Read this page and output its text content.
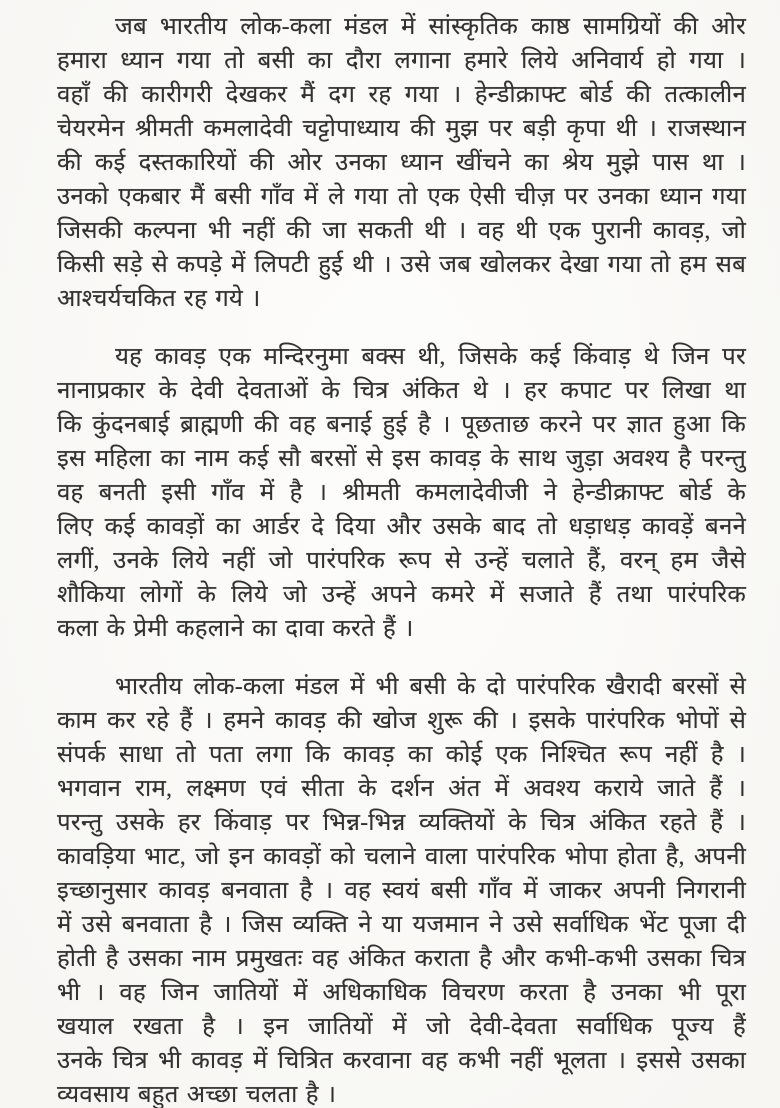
जब भारतीय लोक-कला मंडल में सांस्कृतिक काष्ठ सामग्रियों की ओर
हमारा ध्यान गया तो बसी का दौरा लगाना हमारे लिये अनिवार्य हो गया ।
वहाँ की कारीगरी देखकर मैं दग रह गया । हेन्डीक्राफ्ट बोर्ड की तत्कालीन
चेयरमेन श्रीमती कमलादेवी चट्टोपाध्याय की मुझ पर बड़ी कृपा थी । राजस्थान
की कई दस्तकारियों की ओर उनका ध्यान खींचने का श्रेय मुझे पास था ।
उनको एकबार मैं बसी गाँव में ले गया तो एक ऐसी चीज़ पर उनका ध्यान गया
जिसकी कल्पना भी नहीं की जा सकती थी । वह थी एक पुरानी कावड़, जो
किसी सड़े से कपड़े में लिपटी हुई थी । उसे जब खोलकर देखा गया तो हम सब
आश्चर्यचकित रह गये ।
यह कावड़ एक मन्दिरनुमा बक्स थी, जिसके कई किंवाड़ थे जिन पर
नानाप्रकार के देवी देवताओं के चित्र अंकित थे । हर कपाट पर लिखा था
कि कुंदनबाई ब्राह्मणी की वह बनाई हुई है । पूछताछ करने पर ज्ञात हुआ कि
इस महिला का नाम कई सौ बरसों से इस कावड़ के साथ जुड़ा अवश्य है परन्तु
वह बनती इसी गाँव में है । श्रीमती कमलादेवीजी ने हेन्डीक्राफ्ट बोर्ड के
लिए कई कावड़ों का आर्डर दे दिया और उसके बाद तो धड़ाधड़ कावड़ें बनने
लगीं, उनके लिये नहीं जो पारंपरिक रूप से उन्हें चलाते हैं, वरन् हम जैसे
शौकिया लोगों के लिये जो उन्हें अपने कमरे में सजाते हैं तथा पारंपरिक
कला के प्रेमी कहलाने का दावा करते हैं ।
भारतीय लोक-कला मंडल में भी बसी के दो पारंपरिक खैरादी बरसों से
काम कर रहे हैं । हमने कावड़ की खोज शुरू की । इसके पारंपरिक भोपों से
संपर्क साधा तो पता लगा कि कावड़ का कोई एक निश्चित रूप नहीं है ।
भगवान राम, लक्ष्मण एवं सीता के दर्शन अंत में अवश्य कराये जाते हैं ।
परन्तु उसके हर किंवाड़ पर भिन्न-भिन्न व्यक्तियों के चित्र अंकित रहते हैं ।
कावड़िया भाट, जो इन कावड़ों को चलाने वाला पारंपरिक भोपा होता है, अपनी
इच्छानुसार कावड़ बनवाता है । वह स्वयं बसी गाँव में जाकर अपनी निगरानी
में उसे बनवाता है । जिस व्यक्ति ने या यजमान ने उसे सर्वाधिक भेंट पूजा दी
होती है उसका नाम प्रमुखतः वह अंकित कराता है और कभी-कभी उसका चित्र
भी । वह जिन जातियों में अधिकाधिक विचरण करता है उनका भी पूरा
खयाल रखता है । इन जातियों में जो देवी-देवता सर्वाधिक पूज्य हैं
उनके चित्र भी कावड़ में चित्रित करवाना वह कभी नहीं भूलता । इससे उसका
व्यवसाय बहुत अच्छा चलता है ।
